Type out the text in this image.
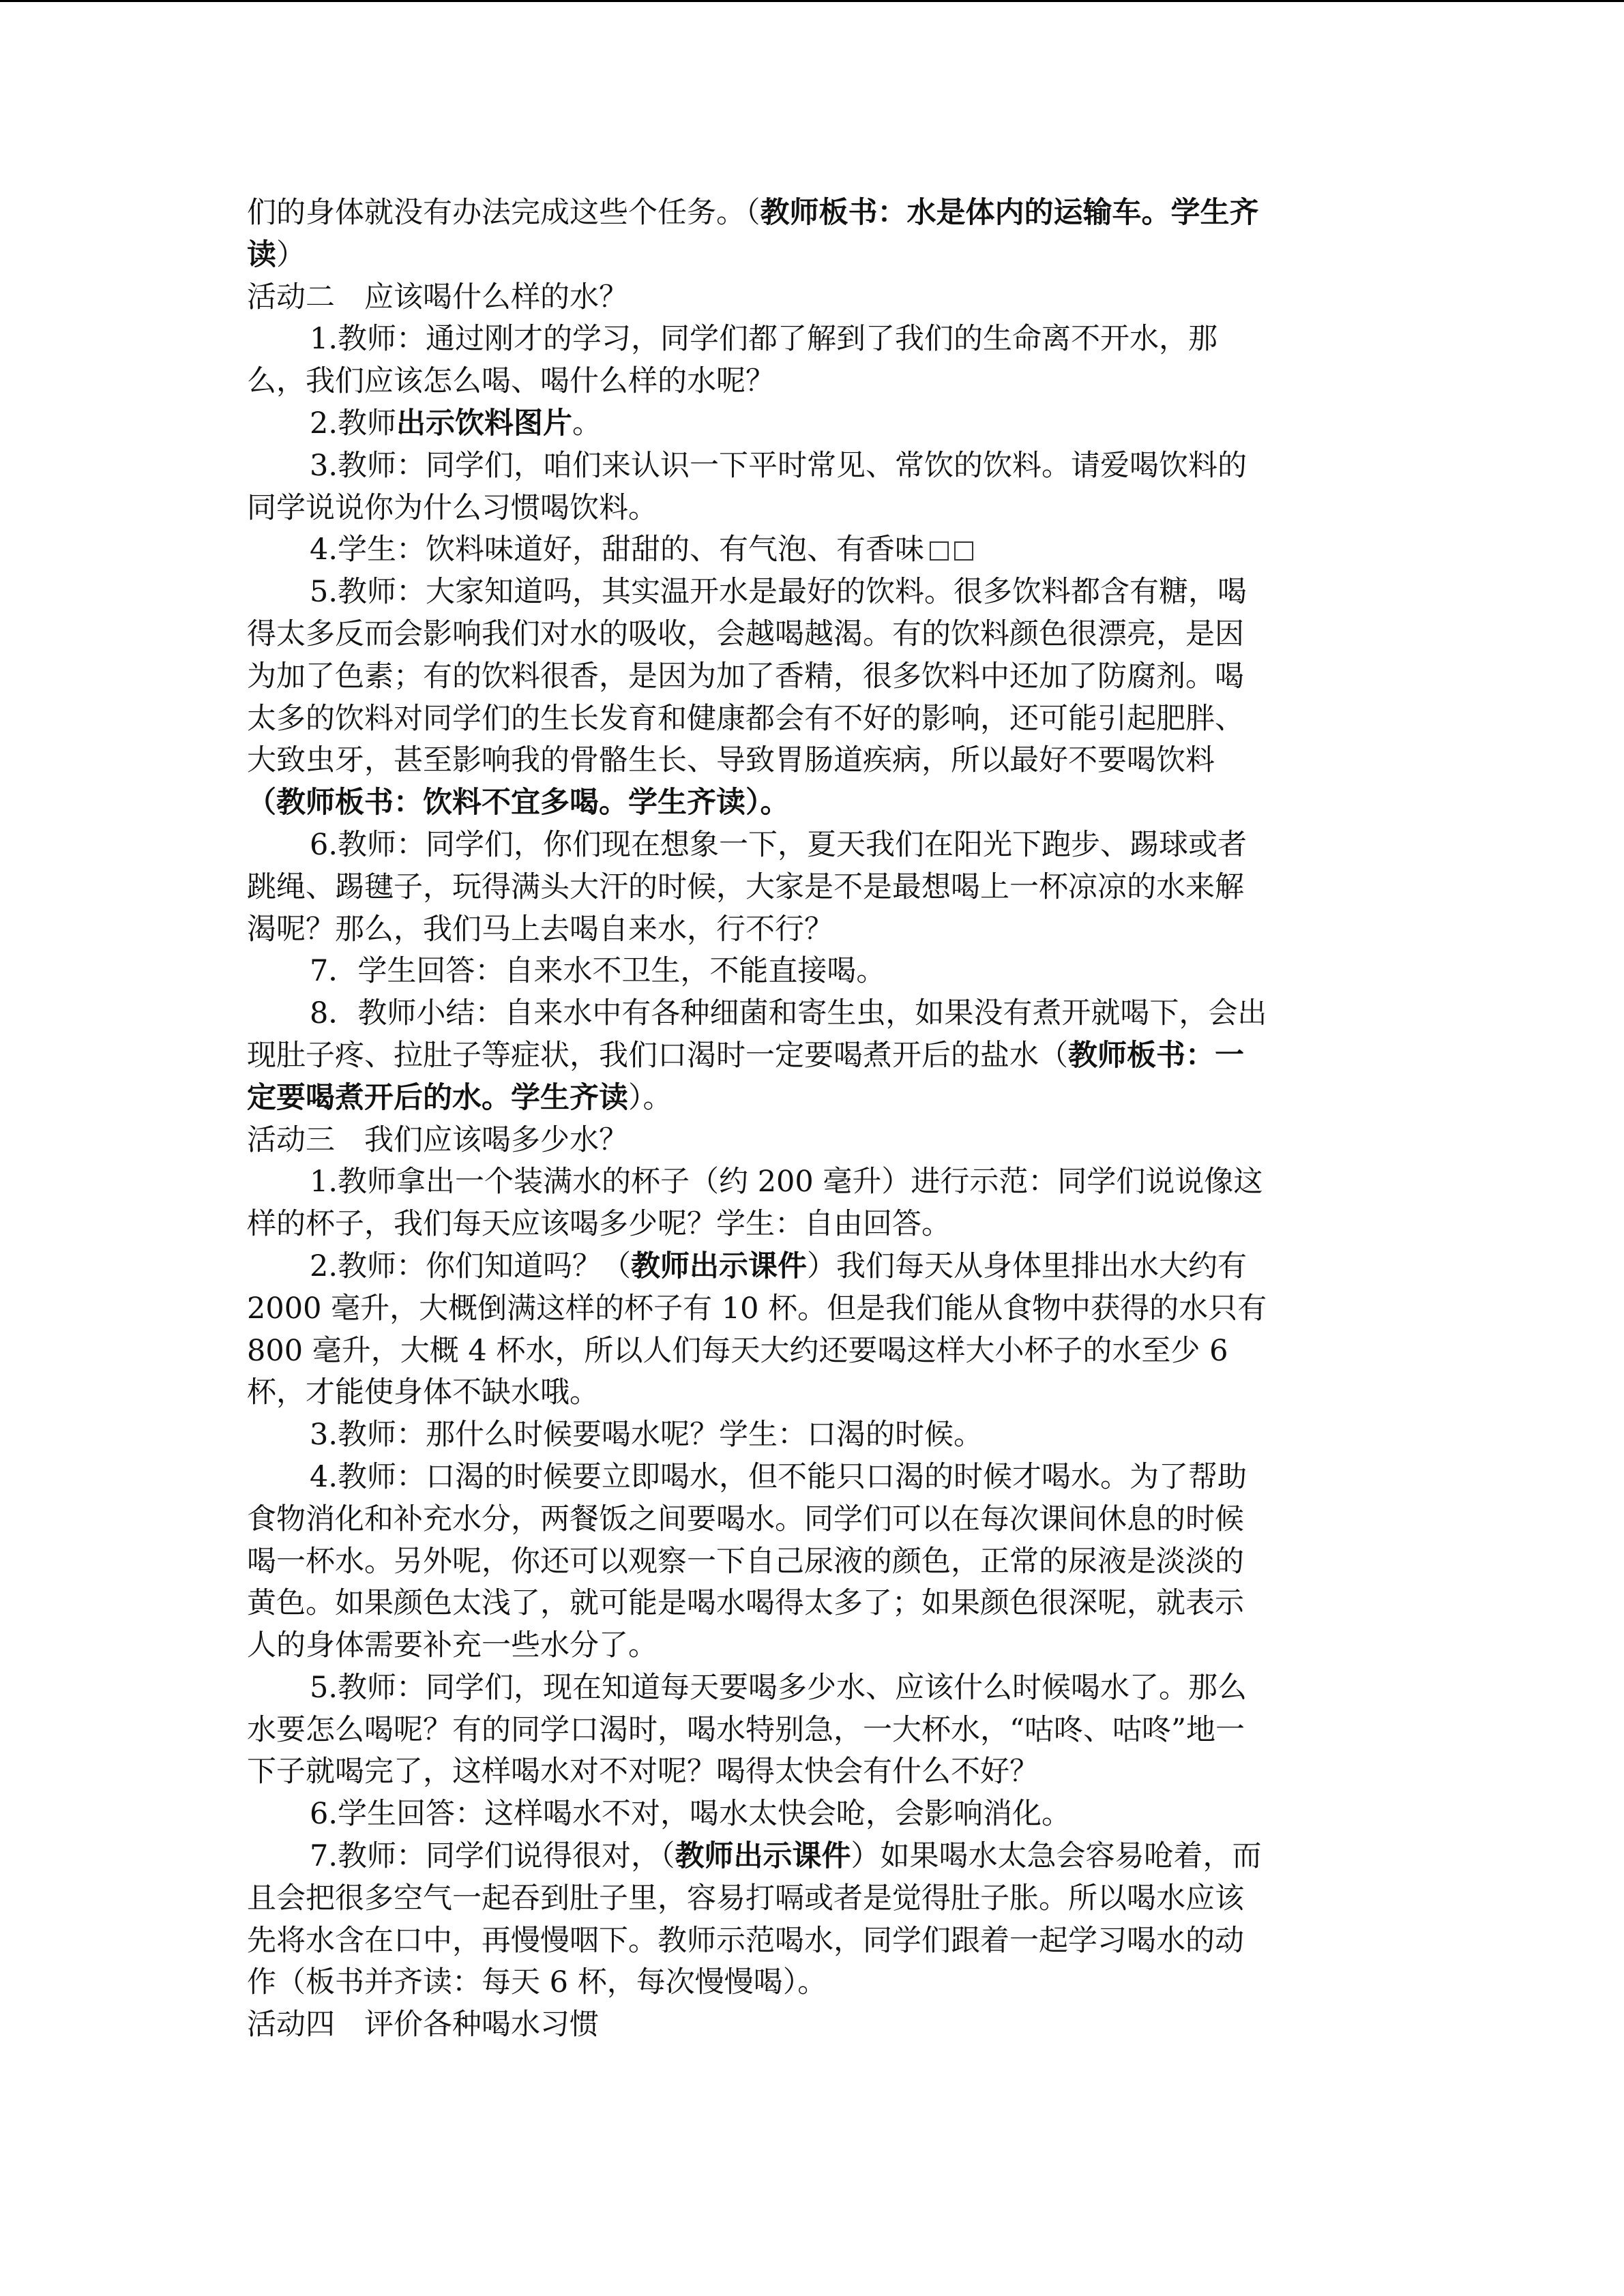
们的身体就没有办法完成这些个任务。（教师板书：水是体内的运输车。学生齐
读）
活动二 应该喝什么样的水？
1.教师：通过刚才的学习，同学们都了解到了我们的生命离不开水，那
么，我们应该怎么喝、喝什么样的水呢？
2.教师出示饮料图片。
3.教师：同学们，咱们来认识一下平时常见、常饮的饮料。请爱喝饮料的
同学说说你为什么习惯喝饮料。
4.学生：饮料味道好，甜甜的、有气泡、有香味
5.教师：大家知道吗，其实温开水是最好的饮料。很多饮料都含有糖，喝
得太多反而会影响我们对水的吸收，会越喝越渴。有的饮料颜色很漂亮，是因
为加了色素；有的饮料很香，是因为加了香精，很多饮料中还加了防腐剂。喝
太多的饮料对同学们的生长发育和健康都会有不好的影响，还可能引起肥胖、
大致虫牙，甚至影响我的骨骼生长、导致胃肠道疾病，所以最好不要喝饮料
（教师板书：饮料不宜多喝。学生齐读）。
6.教师：同学们，你们现在想象一下，夏天我们在阳光下跑步、踢球或者
跳绳、踢毽子，玩得满头大汗的时候，大家是不是最想喝上一杯凉凉的水来解
渴呢？那么，我们马上去喝自来水，行不行？
7．学生回答：自来水不卫生，不能直接喝。
8．教师小结：自来水中有各种细菌和寄生虫，如果没有煮开就喝下，会出
现肚子疼、拉肚子等症状，我们口渴时一定要喝煮开后的盐水（教师板书：一
定要喝煮开后的水。学生齐读）。
活动三 我们应该喝多少水？
1.教师拿出一个装满水的杯子（约 200 毫升）进行示范：同学们说说像这
样的杯子，我们每天应该喝多少呢？学生：自由回答。
2.教师：你们知道吗？（教师出示课件）我们每天从身体里排出水大约有
2000 毫升，大概倒满这样的杯子有 10 杯。但是我们能从食物中获得的水只有
800 毫升，大概 4 杯水，所以人们每天大约还要喝这样大小杯子的水至少 6
杯，才能使身体不缺水哦。
3.教师：那什么时候要喝水呢？学生：口渴的时候。
4.教师：口渴的时候要立即喝水，但不能只口渴的时候才喝水。为了帮助
食物消化和补充水分，两餐饭之间要喝水。同学们可以在每次课间休息的时候
喝一杯水。另外呢，你还可以观察一下自己尿液的颜色，正常的尿液是淡淡的
黄色。如果颜色太浅了，就可能是喝水喝得太多了；如果颜色很深呢，就表示
人的身体需要补充一些水分了。
5.教师：同学们，现在知道每天要喝多少水、应该什么时候喝水了。那么
水要怎么喝呢？有的同学口渴时，喝水特别急，一大杯水，“咕咚、咕咚”地一
下子就喝完了，这样喝水对不对呢？喝得太快会有什么不好？
6.学生回答：这样喝水不对，喝水太快会呛，会影响消化。
7.教师：同学们说得很对，（教师出示课件）如果喝水太急会容易呛着，而
且会把很多空气一起吞到肚子里，容易打嗝或者是觉得肚子胀。所以喝水应该
先将水含在口中，再慢慢咽下。教师示范喝水，同学们跟着一起学习喝水的动
作（板书并齐读：每天 6 杯，每次慢慢喝）。
活动四 评价各种喝水习惯
